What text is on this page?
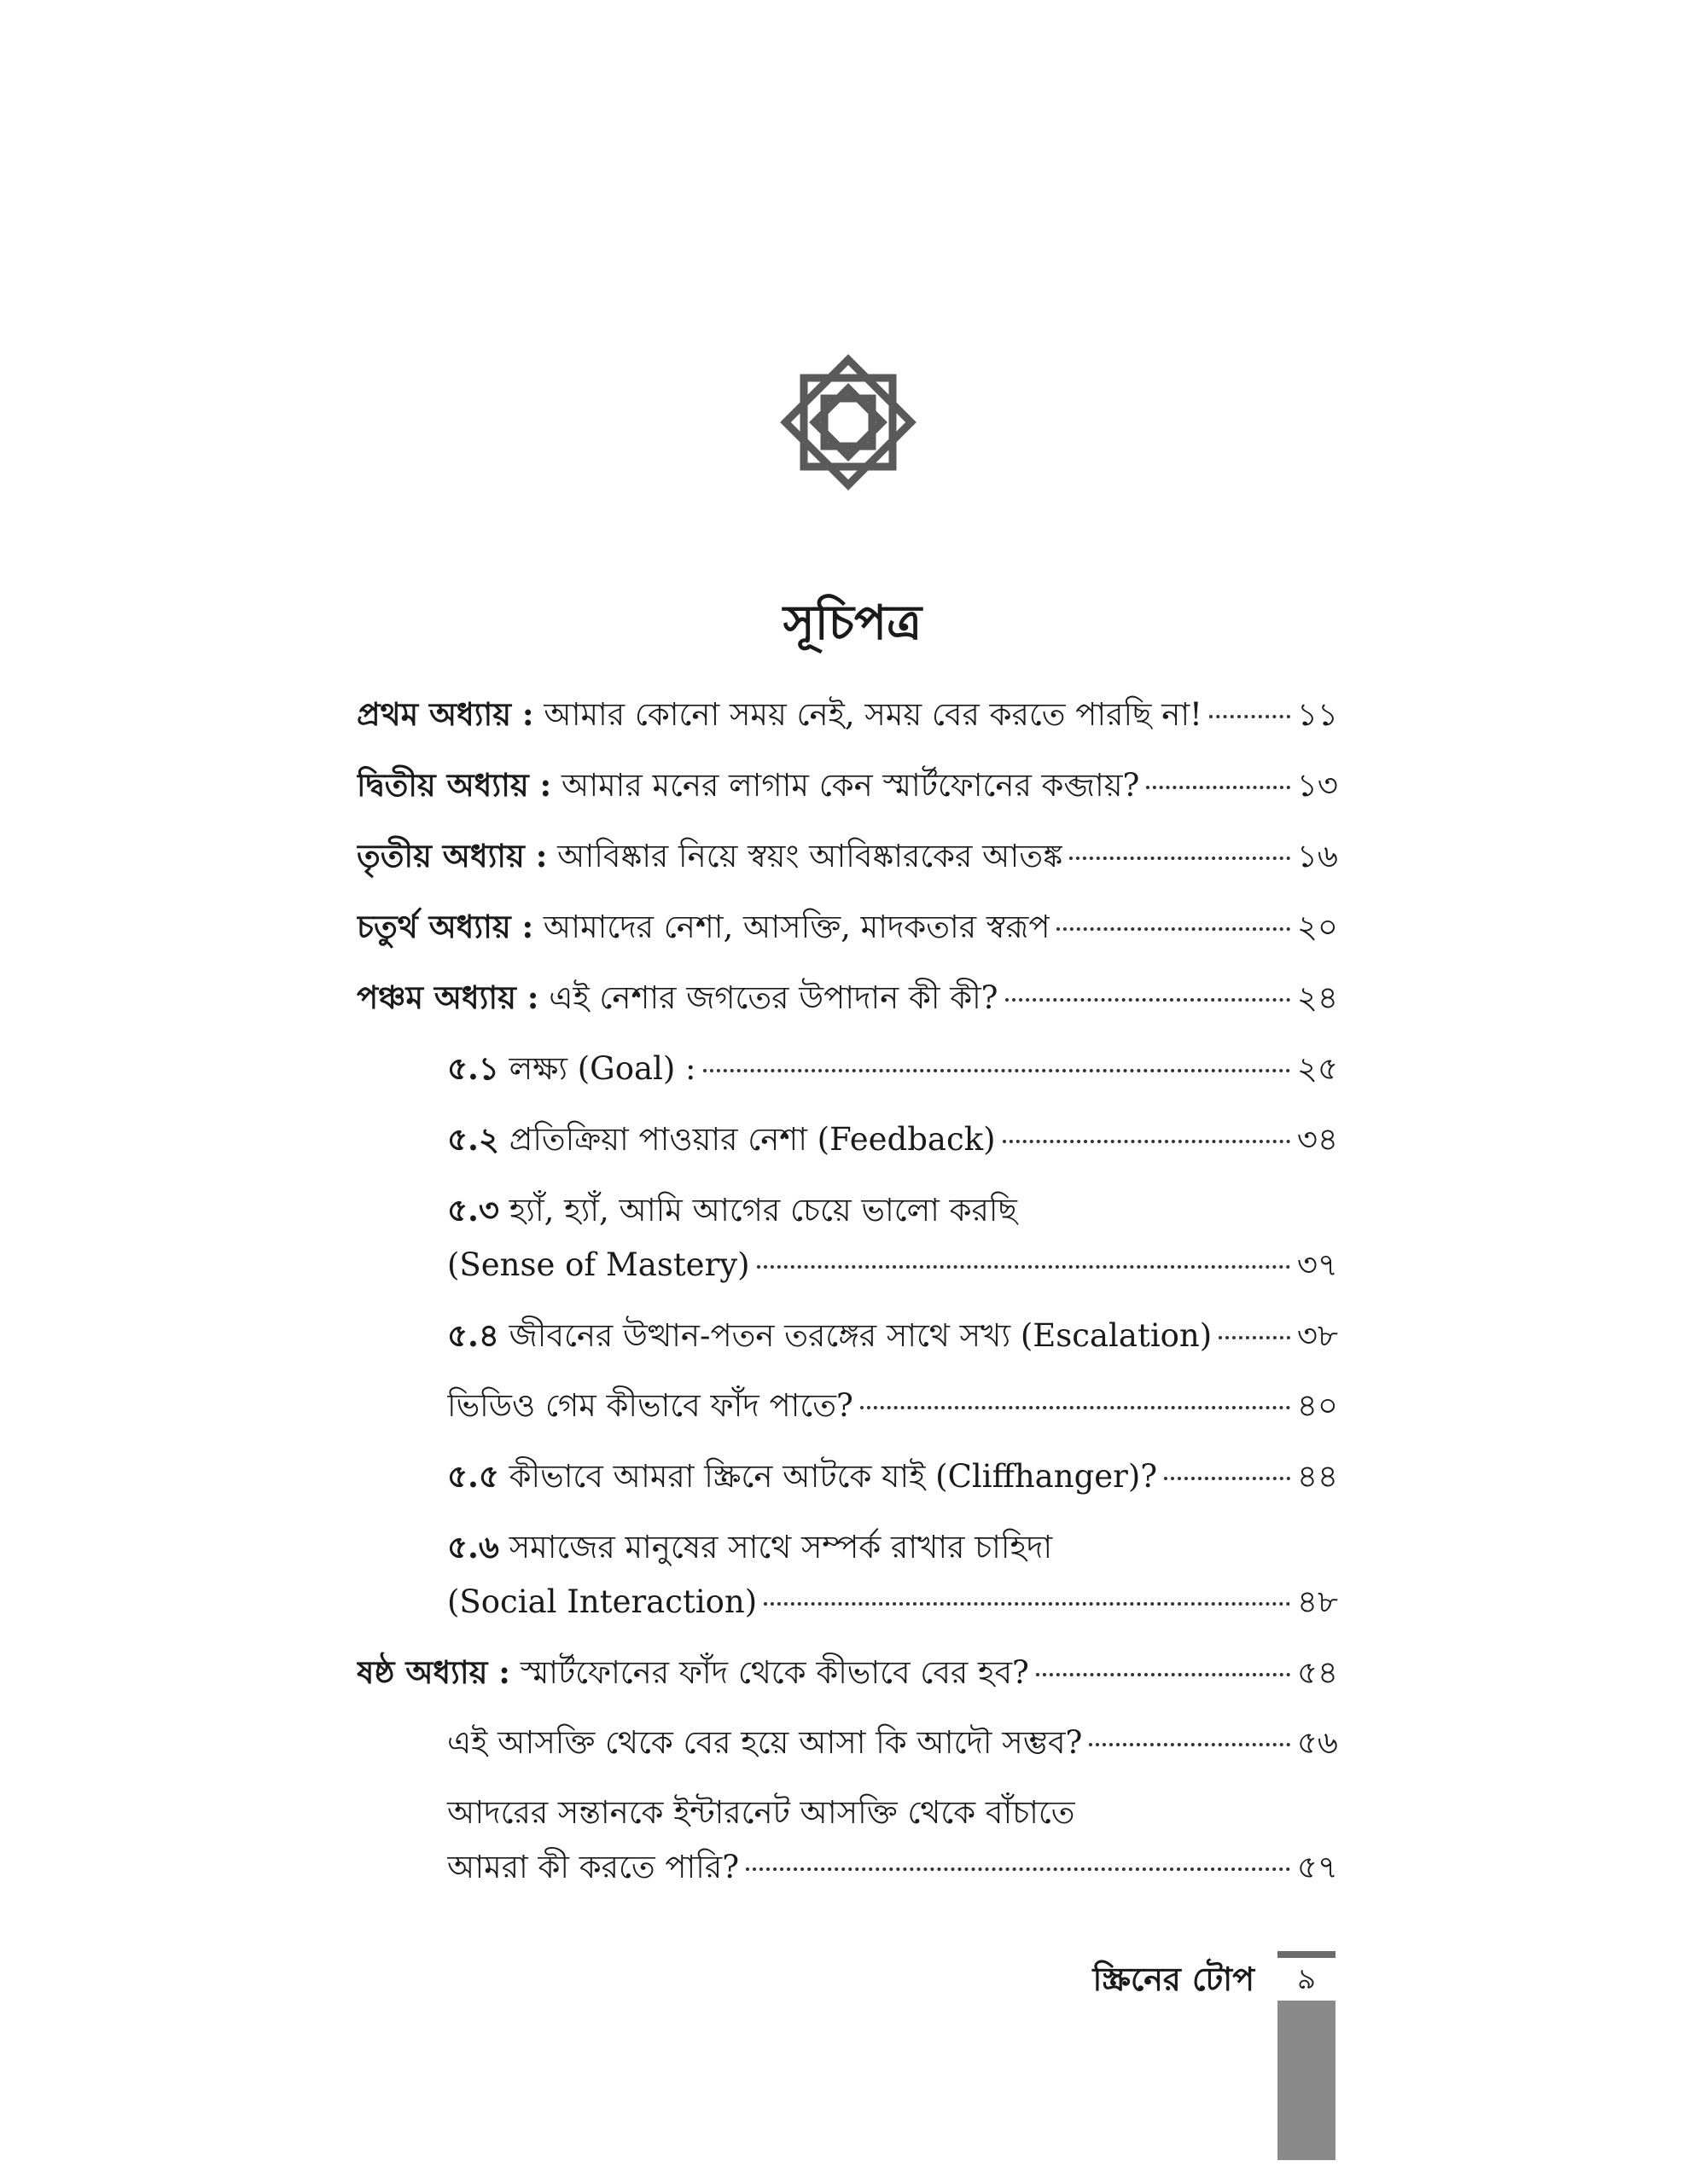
সূচিপত্র
প্রথম অধ্যায় : আমার কোনো সময় নেই, সময় বের করতে পারছি না!	১১
দ্বিতীয় অধ্যায় : আমার মনের লাগাম কেন স্মার্টফোনের কব্জায়?	১৩
তৃতীয় অধ্যায় : আবিষ্কার নিয়ে স্বয়ং আবিষ্কারকের আতঙ্ক	১৬
চতুর্থ অধ্যায় : আমাদের নেশা, আসক্তি, মাদকতার স্বরূপ	২০
পঞ্চম অধ্যায় : এই নেশার জগতের উপাদান কী কী?	২৪
৫.১ লক্ষ্য (Goal) :	২৫
৫.২ প্রতিক্রিয়া পাওয়ার নেশা (Feedback)	৩৪
৫.৩ হ্যাঁ, হ্যাঁ, আমি আগের চেয়ে ভালো করছি
(Sense of Mastery)	৩৭
৫.৪ জীবনের উত্থান-পতন তরঙ্গের সাথে সখ্য (Escalation)	৩৮
ভিডিও গেম কীভাবে ফাঁদ পাতে?	৪০
৫.৫ কীভাবে আমরা স্ক্রিনে আটকে যাই (Cliffhanger)?	৪৪
৫.৬ সমাজের মানুষের সাথে সম্পর্ক রাখার চাহিদা
(Social Interaction)	৪৮
ষষ্ঠ অধ্যায় : স্মার্টফোনের ফাঁদ থেকে কীভাবে বের হব?	৫৪
এই আসক্তি থেকে বের হয়ে আসা কি আদৌ সম্ভব?	৫৬
আদরের সন্তানকে ইন্টারনেট আসক্তি থেকে বাঁচাতে
আমরা কী করতে পারি?	৫৭
স্ক্রিনের টোপ	৯
